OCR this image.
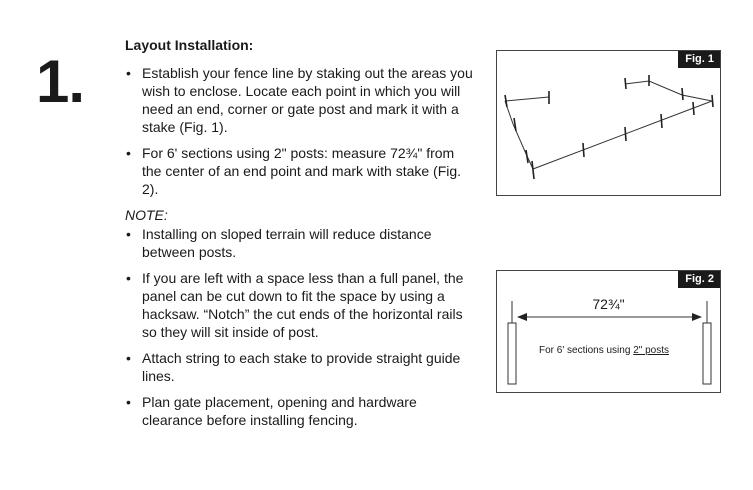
1.
Layout Installation:
• Establish your fence line by staking out the areas you wish to enclose. Locate each point in which you will need an end, corner or gate post and mark it with a stake (Fig. 1).
• For 6' sections using 2" posts: measure 72¾" from the center of an end point and mark with stake (Fig. 2).
NOTE:
• Installing on sloped terrain will reduce distance between posts.
• If you are left with a space less than a full panel, the panel can be cut down to fit the space by using a hacksaw. “Notch” the cut ends of the horizontal rails so they will sit inside of post.
• Attach string to each stake to provide straight guide lines.
• Plan gate placement, opening and hardware clearance before installing fencing.
Fig. 1
72¾"
For 6' sections using 2" posts
Fig. 2
